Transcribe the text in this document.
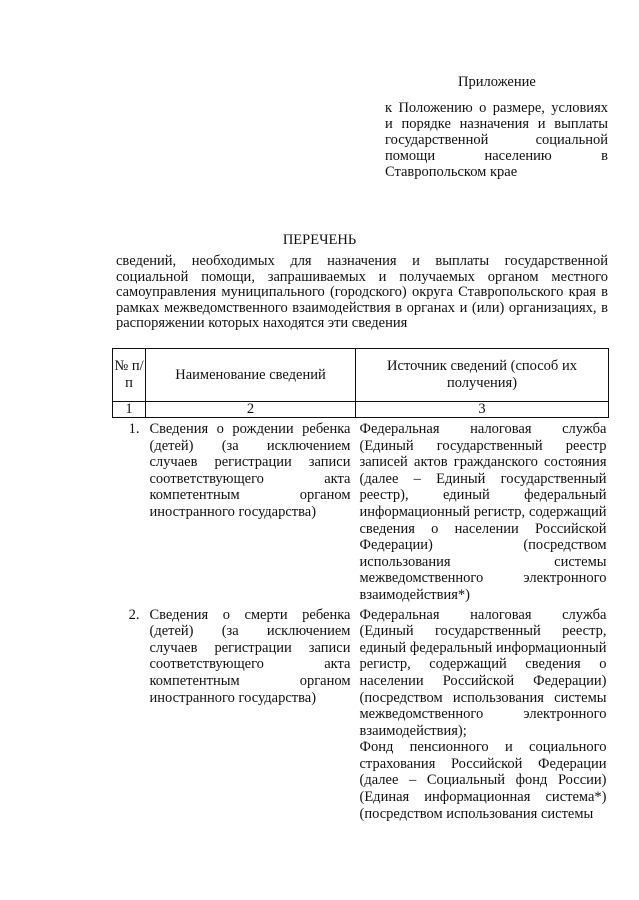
Приложение

к Положению о размере, условиях и порядке назначения и выплаты государственной социальной помощи населению в Ставропольском крае

ПЕРЕЧЕНЬ

сведений, необходимых для назначения и выплаты государственной социальной помощи, запрашиваемых и получаемых органом местного самоуправления муниципального (городского) округа Ставропольского края в рамках межведомственного взаимодействия в органах и (или) организациях, в распоряжении которых находятся эти сведения

№ п/п	Наименование сведений	Источник сведений (способ их получения)
1	2	3
1.	Сведения о рождении ребенка (детей) (за исключением случаев регистрации записи соответствующего акта компетентным органом иностранного государства)	Федеральная налоговая служба (Единый государственный реестр записей актов гражданского состояния (далее – Единый государственный реестр), единый федеральный информационный регистр, содержащий сведения о населении Российской Федерации) (посредством использования системы межведомственного электронного взаимодействия*)
2.	Сведения о смерти ребенка (детей) (за исключением случаев регистрации записи соответствующего акта компетентным органом иностранного государства)	Федеральная налоговая служба (Единый государственный реестр, единый федеральный информационный регистр, содержащий сведения о населении Российской Федерации) (посредством использования системы межведомственного электронного взаимодействия);
Фонд пенсионного и социального страхования Российской Федерации (далее – Социальный фонд России) (Единая информационная система*) (посредством использования системы
